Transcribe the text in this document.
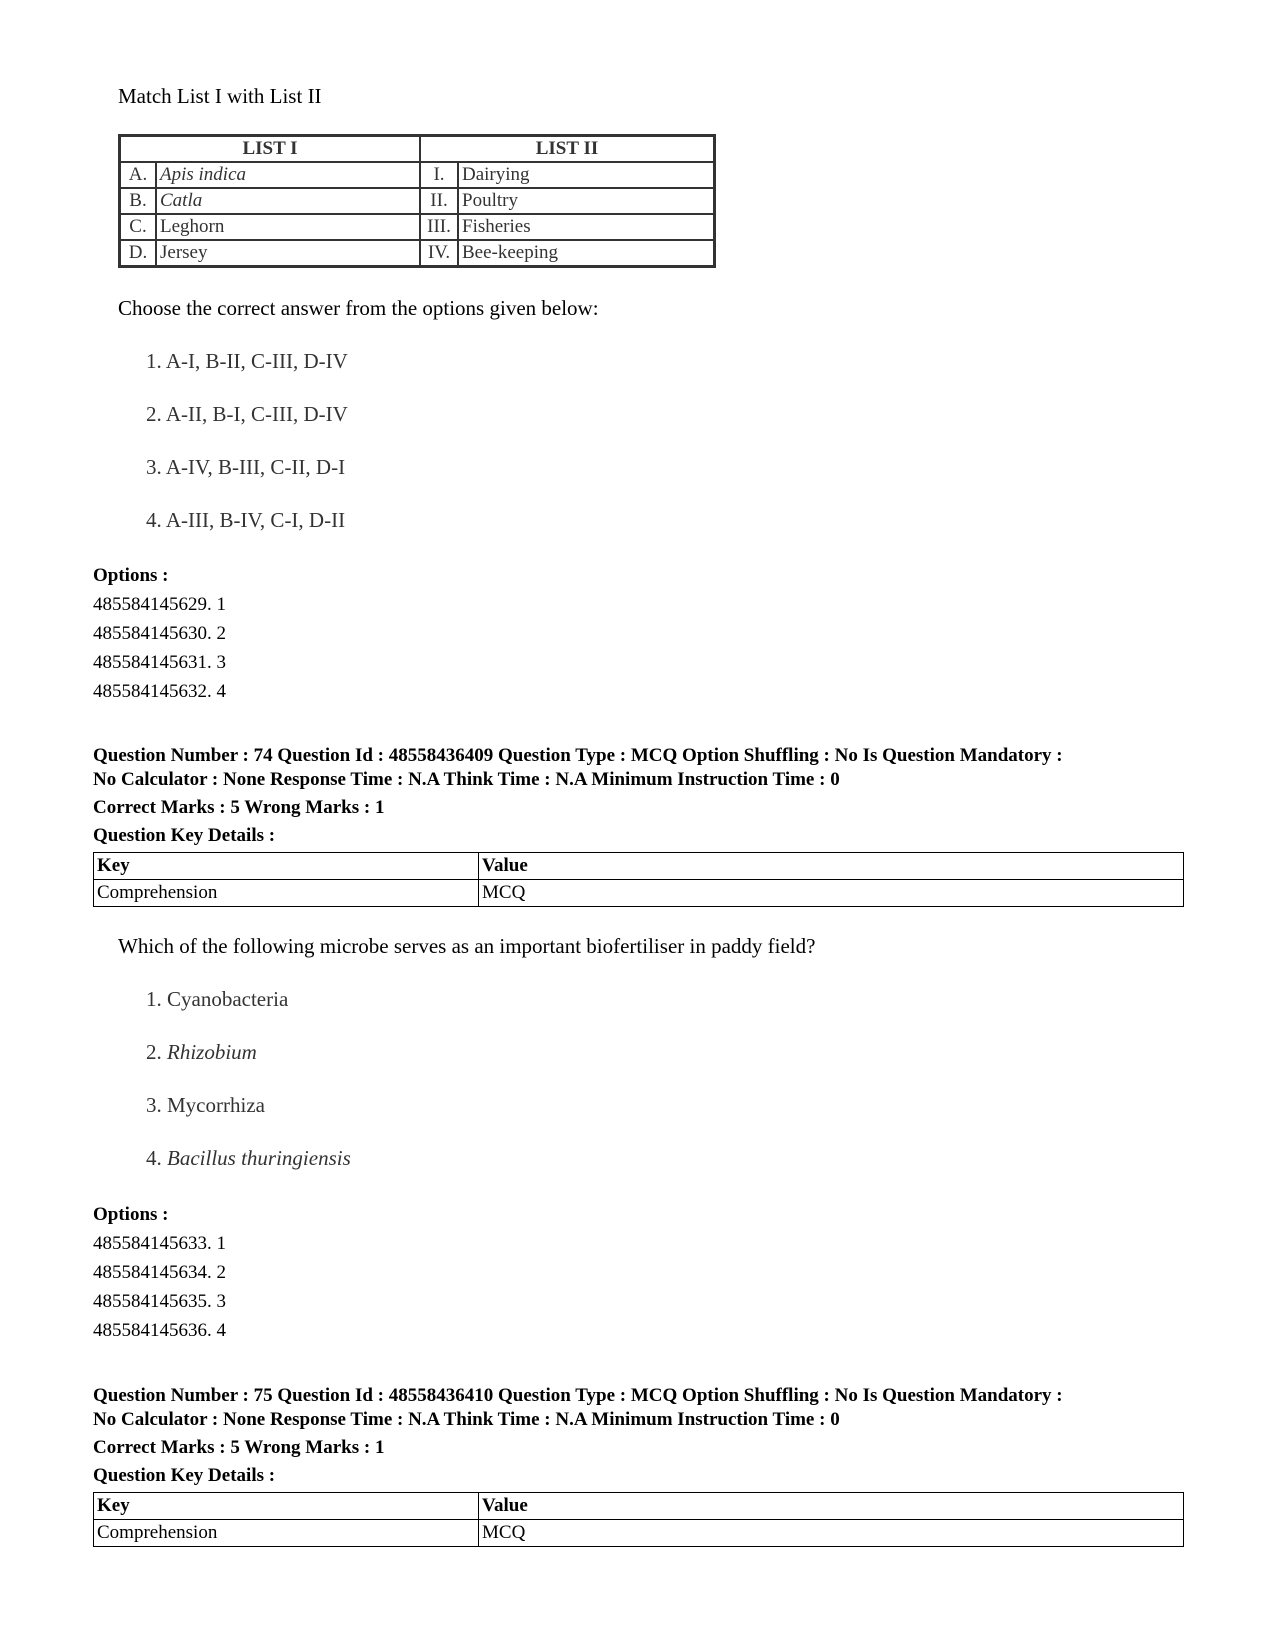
Match List I with List II
LIST I		LIST II	
A.	Apis indica	I.	Dairying
B.	Catla	II.	Poultry
C.	Leghorn	III.	Fisheries
D.	Jersey	IV.	Bee-keeping
Choose the correct answer from the options given below:
1. A-I, B-II, C-III, D-IV
2. A-II, B-I, C-III, D-IV
3. A-IV, B-III, C-II, D-I
4. A-III, B-IV, C-I, D-II
Options :
485584145629. 1
485584145630. 2
485584145631. 3
485584145632. 4
Question Number : 74 Question Id : 48558436409 Question Type : MCQ Option Shuffling : No Is Question Mandatory :
No Calculator : None Response Time : N.A Think Time : N.A Minimum Instruction Time : 0
Correct Marks : 5 Wrong Marks : 1
Question Key Details :
Key	Value
Comprehension	MCQ
Which of the following microbe serves as an important biofertiliser in paddy field?
1. Cyanobacteria
2. Rhizobium
3. Mycorrhiza
4. Bacillus thuringiensis
Options :
485584145633. 1
485584145634. 2
485584145635. 3
485584145636. 4
Question Number : 75 Question Id : 48558436410 Question Type : MCQ Option Shuffling : No Is Question Mandatory :
No Calculator : None Response Time : N.A Think Time : N.A Minimum Instruction Time : 0
Correct Marks : 5 Wrong Marks : 1
Question Key Details :
Key	Value
Comprehension	MCQ
